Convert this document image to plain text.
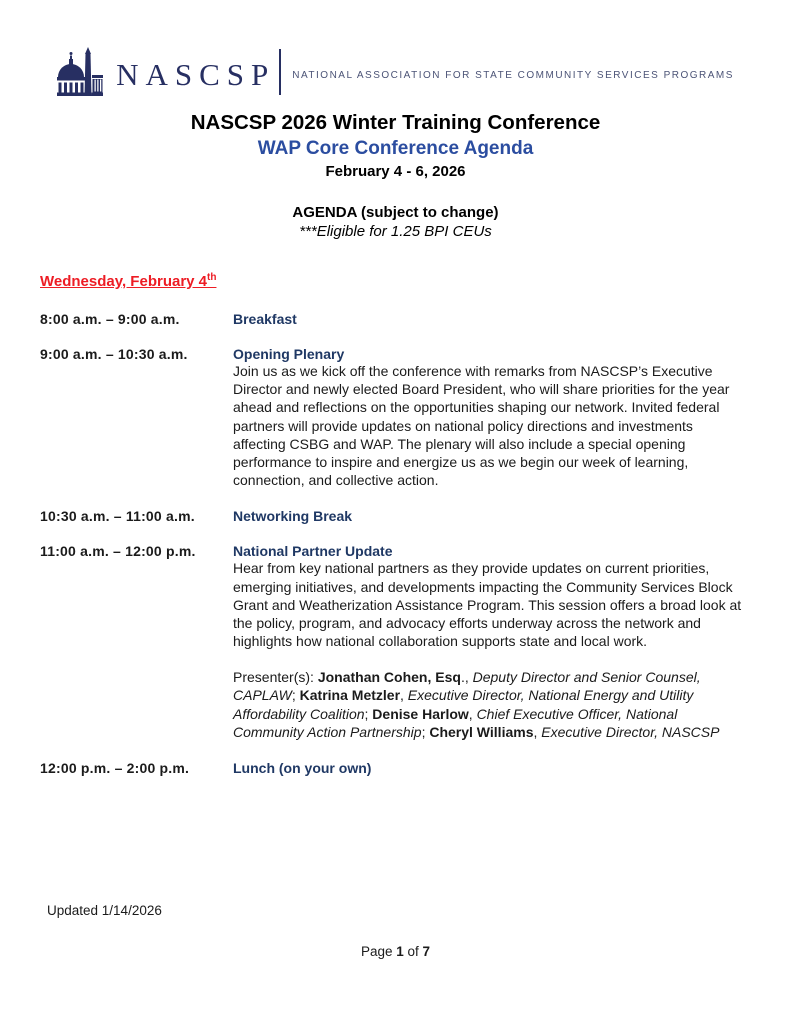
NASCSP NATIONAL ASSOCIATION FOR STATE COMMUNITY SERVICES PROGRAMS
NASCSP 2026 Winter Training Conference
WAP Core Conference Agenda
February 4 - 6, 2026
AGENDA (subject to change)
***Eligible for 1.25 BPI CEUs
Wednesday, February 4th
8:00 a.m. – 9:00 a.m.	Breakfast
9:00 a.m. – 10:30 a.m.	Opening Plenary

Join us as we kick off the conference with remarks from NASCSP’s Executive Director and newly elected Board President, who will share priorities for the year ahead and reflections on the opportunities shaping our network. Invited federal partners will provide updates on national policy directions and investments affecting CSBG and WAP. The plenary will also include a special opening performance to inspire and energize us as we begin our week of learning, connection, and collective action.

10:30 a.m. – 11:00 a.m.	Networking Break
11:00 a.m. – 12:00 p.m.	National Partner Update

Hear from key national partners as they provide updates on current priorities, emerging initiatives, and developments impacting the Community Services Block Grant and Weatherization Assistance Program. This session offers a broad look at the policy, program, and advocacy efforts underway across the network and highlights how national collaboration supports state and local work.

Presenter(s): Jonathan Cohen, Esq., Deputy Director and Senior Counsel, CAPLAW; Katrina Metzler, Executive Director, National Energy and Utility Affordability Coalition; Denise Harlow, Chief Executive Officer, National Community Action Partnership; Cheryl Williams, Executive Director, NASCSP

12:00 p.m. – 2:00 p.m.	Lunch (on your own)
Updated 1/14/2026
Page 1 of 7
